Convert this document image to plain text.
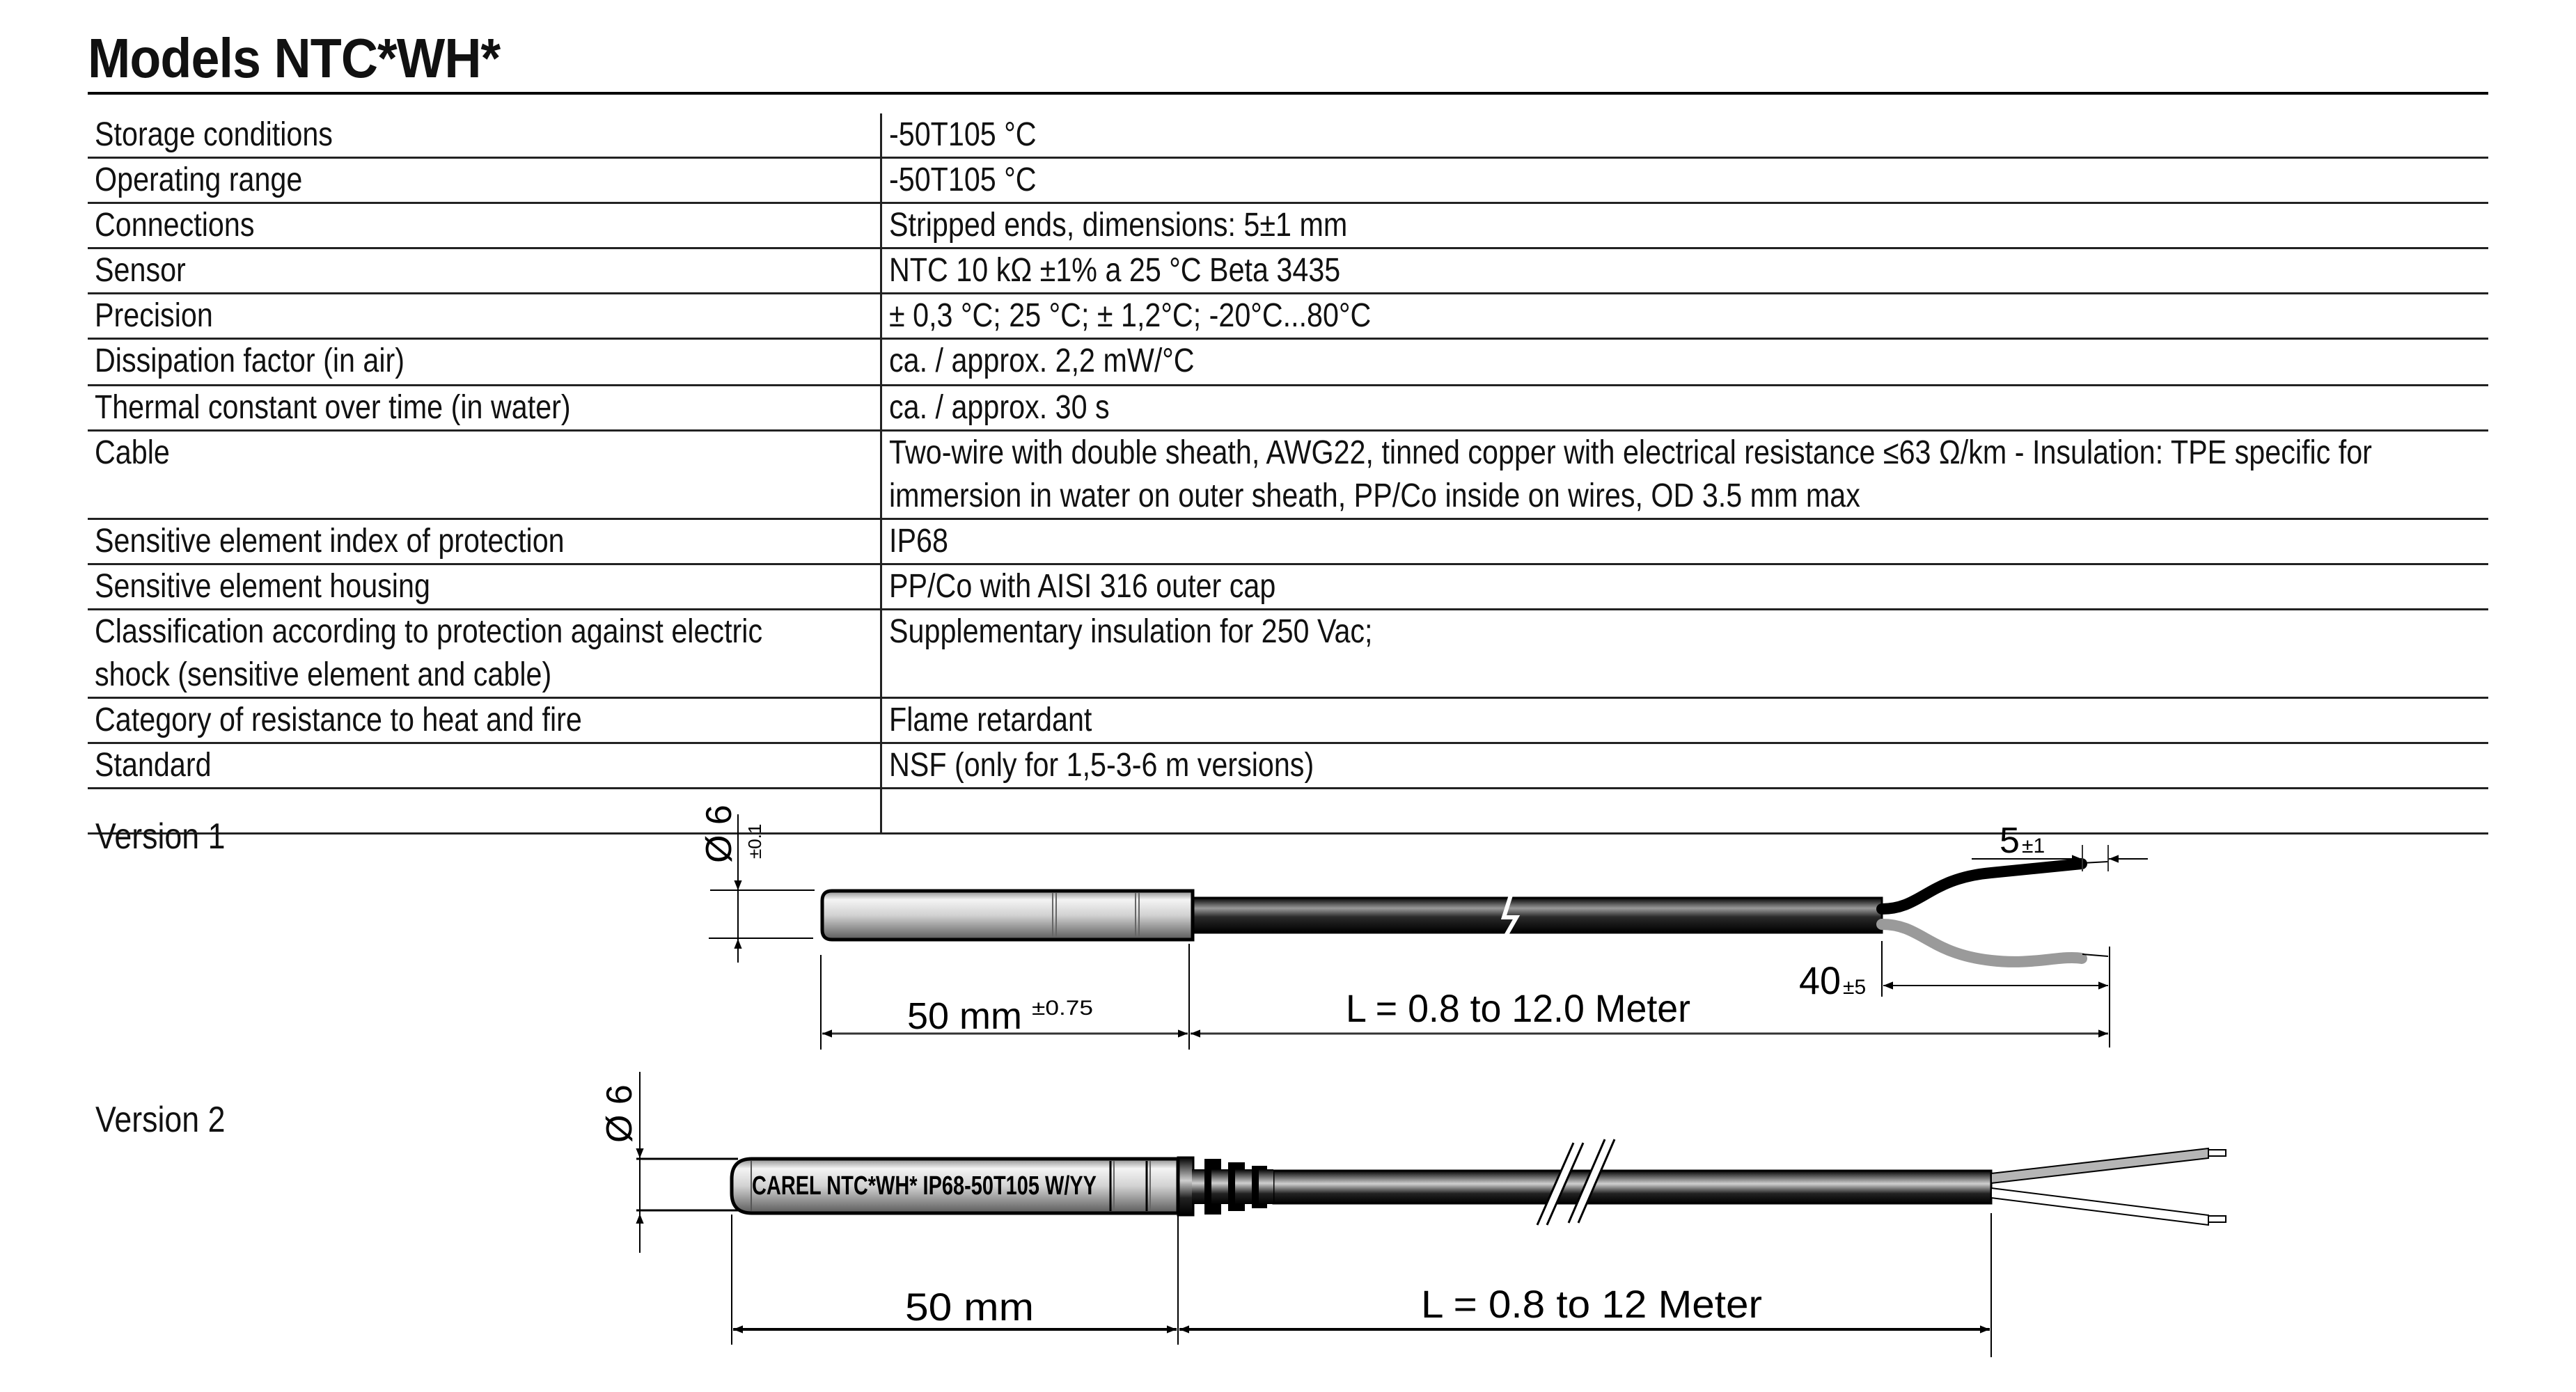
Models NTC*WH*
Storage conditions	-50T105 °C
Operating range	-50T105 °C
Connections	Stripped ends, dimensions: 5±1 mm
Sensor	NTC 10 kΩ ±1% a 25 °C Beta 3435
Precision	± 0,3 °C; 25 °C; ± 1,2°C; -20°C...80°C
Dissipation factor (in air)	ca. / approx. 2,2 mW/°C
Thermal constant over time (in water)	ca. / approx. 30 s
Cable	Two-wire with double sheath, AWG22, tinned copper with electrical resistance ≤63 Ω/km - Insulation: TPE specific for immersion in water on outer sheath, PP/Co inside on wires, OD 3.5 mm max
Sensitive element index of protection	IP68
Sensitive element housing	PP/Co with AISI 316 outer cap
Classification according to protection against electric shock (sensitive element and cable)	Supplementary insulation for 250 Vac;
Category of resistance to heat and fire	Flame retardant
Standard	NSF (only for 1,5-3-6 m versions)

Version 1
Version 2
Ø 6 ±0.1
50 mm ±0.75	L = 0.8 to 12.0 Meter
40 ±5
5 ±1
CAREL NTC*WH* IP68-50T105 W/YY
Ø 6
50 mm	L = 0.8 to 12 Meter
